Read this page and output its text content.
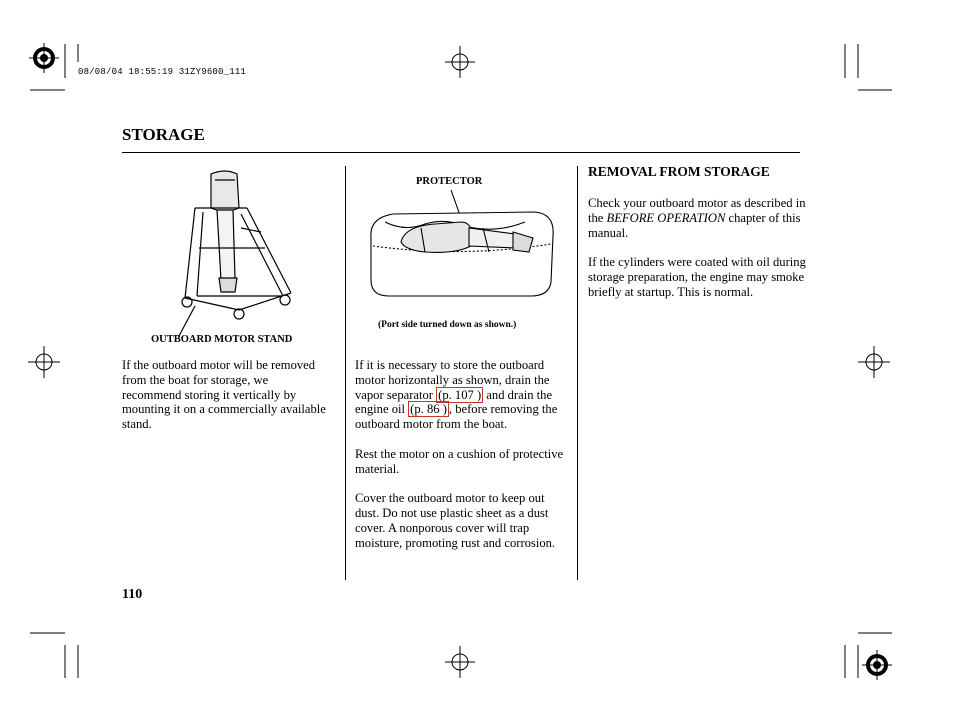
08/08/04 18:55:19 31ZY9600_111
STORAGE
OUTBOARD MOTOR STAND

If the outboard motor will be removed from the boat for storage, we recommend storing it vertically by mounting it on a commercially available stand.

PROTECTOR
(Port side turned down as shown.)

If it is necessary to store the outboard motor horizontally as shown, drain the vapor separator (p. 107 ) and drain the engine oil (p. 86 ) , before removing the outboard motor from the boat.

Rest the motor on a cushion of protective material.

Cover the outboard motor to keep out dust. Do not use plastic sheet as a dust cover. A nonporous cover will trap moisture, promoting rust and corrosion.

REMOVAL FROM STORAGE

Check your outboard motor as described in the BEFORE OPERATION chapter of this manual.

If the cylinders were coated with oil during storage preparation, the engine may smoke briefly at startup. This is normal.

110
